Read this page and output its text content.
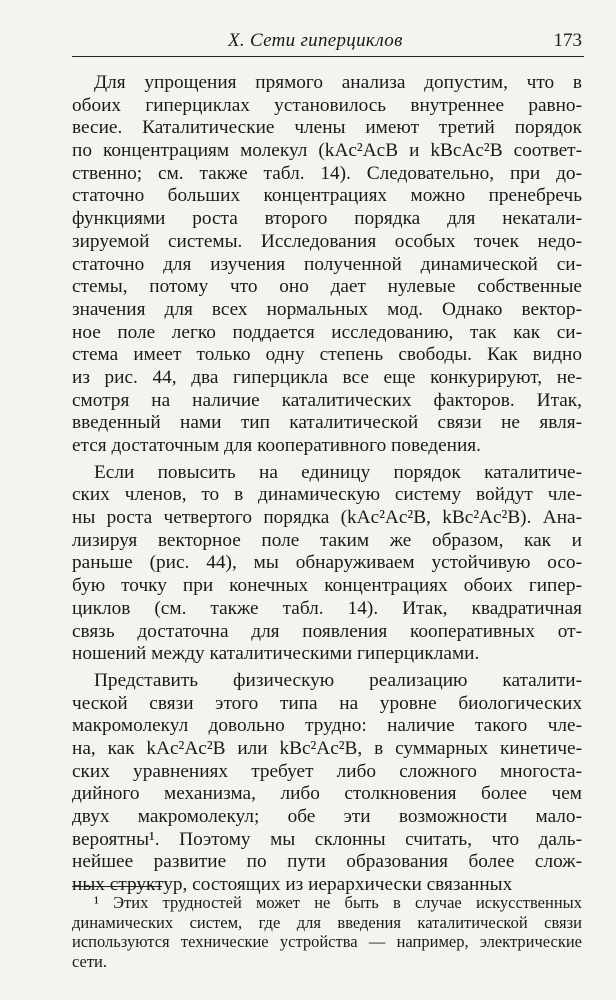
X. Сети гиперциклов	173
Для упрощения прямого анализа допустим, что в
обоих гиперциклах установилось внутреннее равно-
весие. Каталитические члены имеют третий порядок
по концентрациям молекул (kAc²AcB и kBcAc²B соответ-
ственно; см. также табл. 14). Следовательно, при до-
статочно больших концентрациях можно пренебречь
функциями роста второго порядка для некатали-
зируемой системы. Исследования особых точек недо-
статочно для изучения полученной динамической си-
стемы, потому что оно дает нулевые собственные
значения для всех нормальных мод. Однако вектор-
ное поле легко поддается исследованию, так как си-
стема имеет только одну степень свободы. Как видно
из рис. 44, два гиперцикла все еще конкурируют, не-
смотря на наличие каталитических факторов. Итак,
введенный нами тип каталитической связи не явля-
ется достаточным для кооперативного поведения.
Если повысить на единицу порядок каталитиче-
ских членов, то в динамическую систему войдут чле-
ны роста четвертого порядка (kAc²Ac²B, kBc²Ac²B). Ана-
лизируя векторное поле таким же образом, как и
раньше (рис. 44), мы обнаруживаем устойчивую осо-
бую точку при конечных концентрациях обоих гипер-
циклов (см. также табл. 14). Итак, квадратичная
связь достаточна для появления кооперативных от-
ношений между каталитическими гиперциклами.
Представить физическую реализацию каталити-
ческой связи этого типа на уровне биологических
макромолекул довольно трудно: наличие такого чле-
на, как kAc²Ac²B или kBc²Ac²B, в суммарных кинетиче-
ских уравнениях требует либо сложного многоста-
дийного механизма, либо столкновения более чем
двух макромолекул; обе эти возможности мало-
вероятны¹. Поэтому мы склонны считать, что даль-
нейшее развитие по пути образования более слож-
ных структур, состоящих из иерархически связанных
¹ Этих трудностей может не быть в случае искусственных
динамических систем, где для введения каталитической связи
используются технические устройства — например, электрические
сети.
